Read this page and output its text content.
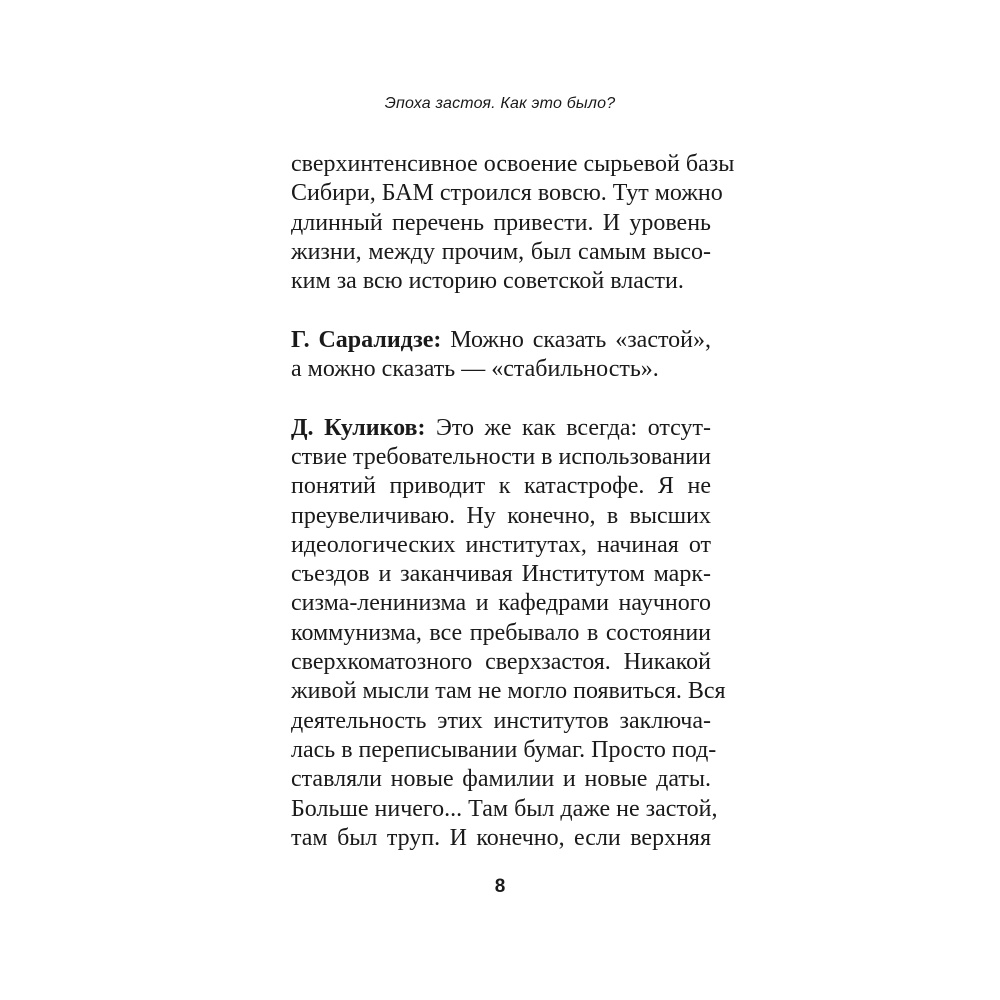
Эпоха застоя. Как это было?
сверхинтенсивное освоение сырьевой базы
Сибири, БАМ строился вовсю. Тут можно
длинный перечень привести. И уровень
жизни, между прочим, был самым высо-
ким за всю историю советской власти.
Г. Саралидзе: Можно сказать «застой»,
а можно сказать — «стабильность».
Д. Куликов: Это же как всегда: отсут-
ствие требовательности в использовании
понятий приводит к катастрофе. Я не
преувеличиваю. Ну конечно, в высших
идеологических институтах, начиная от
съездов и заканчивая Институтом марк-
сизма-ленинизма и кафедрами научного
коммунизма, все пребывало в состоянии
сверхкоматозного сверхзастоя. Никакой
живой мысли там не могло появиться. Вся
деятельность этих институтов заключа-
лась в переписывании бумаг. Просто под-
ставляли новые фамилии и новые даты.
Больше ничего... Там был даже не застой,
там был труп. И конечно, если верхняя
8
